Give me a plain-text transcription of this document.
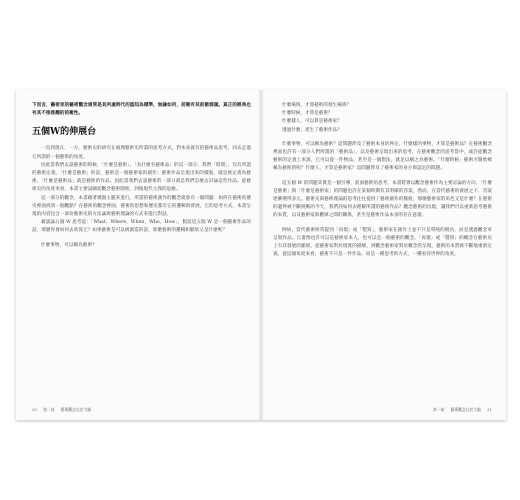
下而言，藝術家的藝術觀念通常是其所處時代的認知為標準，無論如何，前衛有其前衛源頭。真正的經典也有其不推推翻的前衛性。

五個W的伸展台

一直到現在，一方，藝術史的研究在處理藝術史所謂的思考方式，對本身就有的藝術品思考，回去走過它所謂的一個藝術的角度。

因此當我們去談藝術的時候，「什麼是藝術」、「為什麼有藝術品」的這一部分，我們「時間」，沒有所謂的藝術定義，「什麼是藝術」的話，藝術是一個藝術家的創作；藝術作品呈現出來的樣貌，就是被定義為藝術。「什麼是藝術品」就是藝術的作品。因此當我們去談藝術的一部分就是我們怎麼去討論這些作品。從藝術史的角度來看，本書主要試圖從觀念藝術開始，到後現代主義的思維。

這一部分的觀念，本書藉著幾個主題來進行。所謂的藝術創作的觀念就會有一個問題：如何在藝術的歷史裡面找到一個觀點？在藝術的觀念裡面，藝術的思想和歷史都有它的邏輯與發展，它的思考方式，本書呈現的內容包含一部份藝術史的方法論與藝術理論的方式來進行對話。

藉談論五個 W 思考起：「What、Where、When、Who、How」，假設這五個 W 是一個藝術作品的話，那麼你會如何去欣賞它？如果藝術是可以被創造的話，那麼藝術的邏輯和脈絡又是什麼呢？

什麼事物，可以稱為藝術？

20 第一部 藝術觀念在於大腦
什麼場域，才算藝術的發生場域？
什麼時候，才算是藝術？
什麼樣人，可以算是藝術家？
透過什麼，產生了藝術作品？

什麼事物，可以稱為藝術？這問題涉及了藝術本身的界定。什麼樣的事物，才算是藝術品？在藝術觀念裡面也許有一部分人們所謂的「藝術品」，以及藝術呈現出來的思考，在藝術觀念的思考當中，或許從觀念藝術的定義上來說，它可以從一件物品，甚至是一個想法，就足以稱之為藝術。「什麼時候」藝術才開始被稱為藝術的呢？什麼人，才算是藝術家？這問題涉及了藝術家的身分與認定的問題。

這五個 W 的問題其實是一個引導，前面藝術的思考，本書將會以觀念藝術作為主要討論的方向。「什麼是藝術」與「什麼是藝術家」的問題也許在某個時期有其明確的答案，然而，在當代藝術的發展之下，答案逐漸變得多元。藝術史與藝術理論的思考往往提供了藝術創作的脈絡，那麼藝術家的角色又是什麼？在藝術的邊界被不斷挑戰的今天，我們該如何去理解所謂的藝術作品？觀念藝術的出現，讓我們可以重新思考藝術的本質，以及藝術家與觀眾之間的關係，甚至是藝術作品本身的存在意義。

例如，當代藝術經常提到「再現」或「製寫」，藝術家在創作上並不只是單純的模仿，而是透過觀念來呈現作品。自畫像也許可以是藝術家本人，也可以是一個藝術的觀念。「再現」或「製寫」的概念在藝術史上有其發展的脈絡，從藝術家對於現實的描繪，到觀念藝術家對於概念的呈現，藝術的本質被不斷地重新定義。從這個角度來看，藝術不只是一件作品，而是一種思考的方式，一種看待世界的角度。

第一部 藝術觀念在於大腦 21
